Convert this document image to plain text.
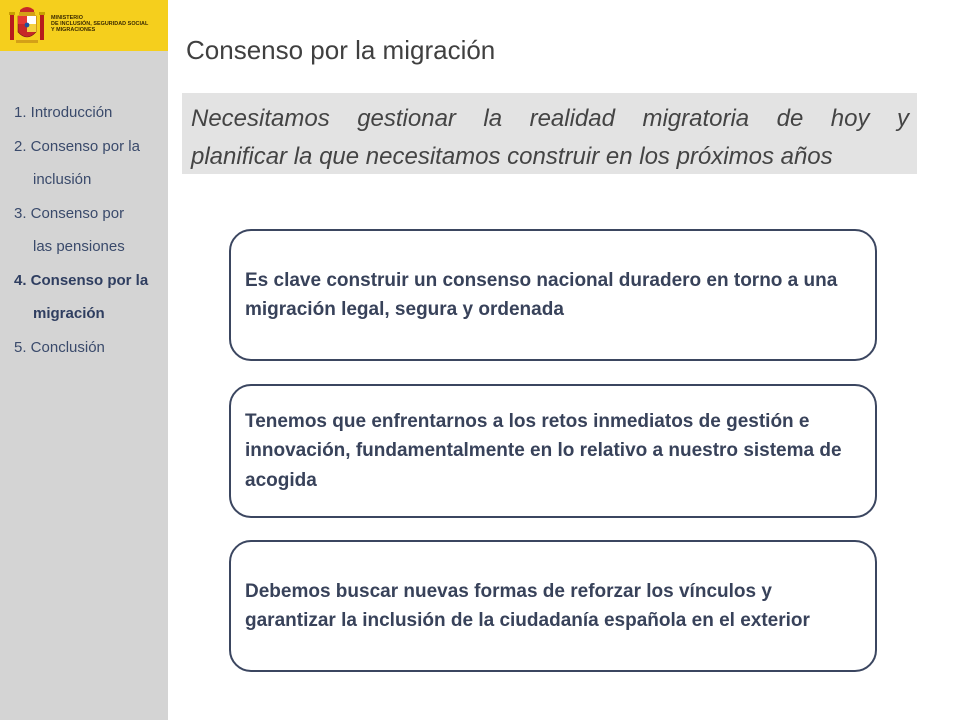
MINISTERIO
DE INCLUSIÓN, SEGURIDAD SOCIAL
Y MIGRACIONES
1. Introducción
2. Consenso por la
inclusión
3. Consenso por
las pensiones
4. Consenso por la
migración
5. Conclusión
Consenso por la migración

Necesitamos gestionar la realidad migratoria de hoy y

planificar la que necesitamos construir en los próximos años

Es clave construir un consenso nacional duradero en torno a una migración legal, segura y ordenada
Tenemos que enfrentarnos a los retos inmediatos de gestión e innovación, fundamentalmente en lo relativo a nuestro sistema de acogida
Debemos buscar nuevas formas de reforzar los vínculos y garantizar la inclusión de la ciudadanía española en el exterior
